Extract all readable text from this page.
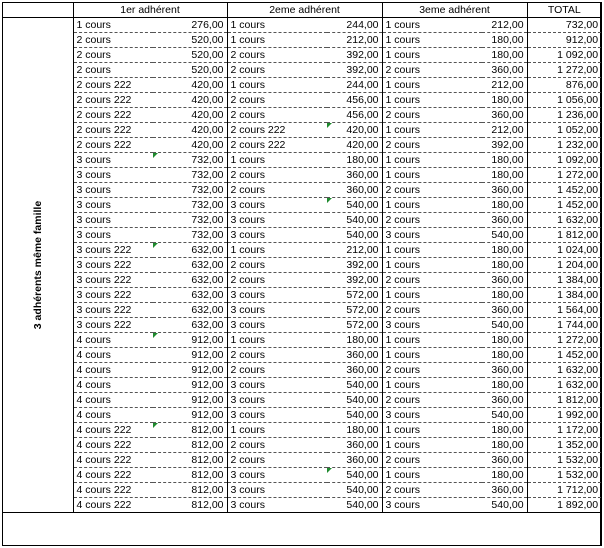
	1er adhérent		2eme adhérent		3eme adhérent		TOTAL

3 adhérents même famille	1 cours	276,00	1 cours	244,00	1 cours	212,00	732,00
	2 cours	520,00	1 cours	212,00	1 cours	180,00	912,00
	2 cours	520,00	2 cours	392,00	1 cours	180,00	1 092,00
	2 cours	520,00	2 cours	392,00	2 cours	360,00	1 272,00
	2 cours 222	420,00	1 cours	244,00	1 cours	212,00	876,00
	2 cours 222	420,00	2 cours	456,00	1 cours	180,00	1 056,00
	2 cours 222	420,00	2 cours	456,00	2 cours	360,00	1 236,00
	2 cours 222	420,00	2 cours 222	420,00	1 cours	212,00	1 052,00
	2 cours 222	420,00	2 cours 222	420,00	2 cours	392,00	1 232,00
	3 cours	732,00	1 cours	180,00	1 cours	180,00	1 092,00
	3 cours	732,00	2 cours	360,00	1 cours	180,00	1 272,00
	3 cours	732,00	2 cours	360,00	2 cours	360,00	1 452,00
	3 cours	732,00	3 cours	540,00	1 cours	180,00	1 452,00
	3 cours	732,00	3 cours	540,00	2 cours	360,00	1 632,00
	3 cours	732,00	3 cours	540,00	3 cours	540,00	1 812,00
	3 cours 222	632,00	1 cours	212,00	1 cours	180,00	1 024,00
	3 cours 222	632,00	2 cours	392,00	1 cours	180,00	1 204,00
	3 cours 222	632,00	2 cours	392,00	2 cours	360,00	1 384,00
	3 cours 222	632,00	3 cours	572,00	1 cours	180,00	1 384,00
	3 cours 222	632,00	3 cours	572,00	2 cours	360,00	1 564,00
	3 cours 222	632,00	3 cours	572,00	3 cours	540,00	1 744,00
	4 cours	912,00	1 cours	180,00	1 cours	180,00	1 272,00
	4 cours	912,00	2 cours	360,00	1 cours	180,00	1 452,00
	4 cours	912,00	2 cours	360,00	2 cours	360,00	1 632,00
	4 cours	912,00	3 cours	540,00	1 cours	180,00	1 632,00
	4 cours	912,00	3 cours	540,00	2 cours	360,00	1 812,00
	4 cours	912,00	3 cours	540,00	3 cours	540,00	1 992,00
	4 cours 222	812,00	1 cours	180,00	1 cours	180,00	1 172,00
	4 cours 222	812,00	2 cours	360,00	1 cours	180,00	1 352,00
	4 cours 222	812,00	2 cours	360,00	2 cours	360,00	1 532,00
	4 cours 222	812,00	3 cours	540,00	1 cours	180,00	1 532,00
	4 cours 222	812,00	3 cours	540,00	2 cours	360,00	1 712,00
	4 cours 222	812,00	3 cours	540,00	3 cours	540,00	1 892,00
